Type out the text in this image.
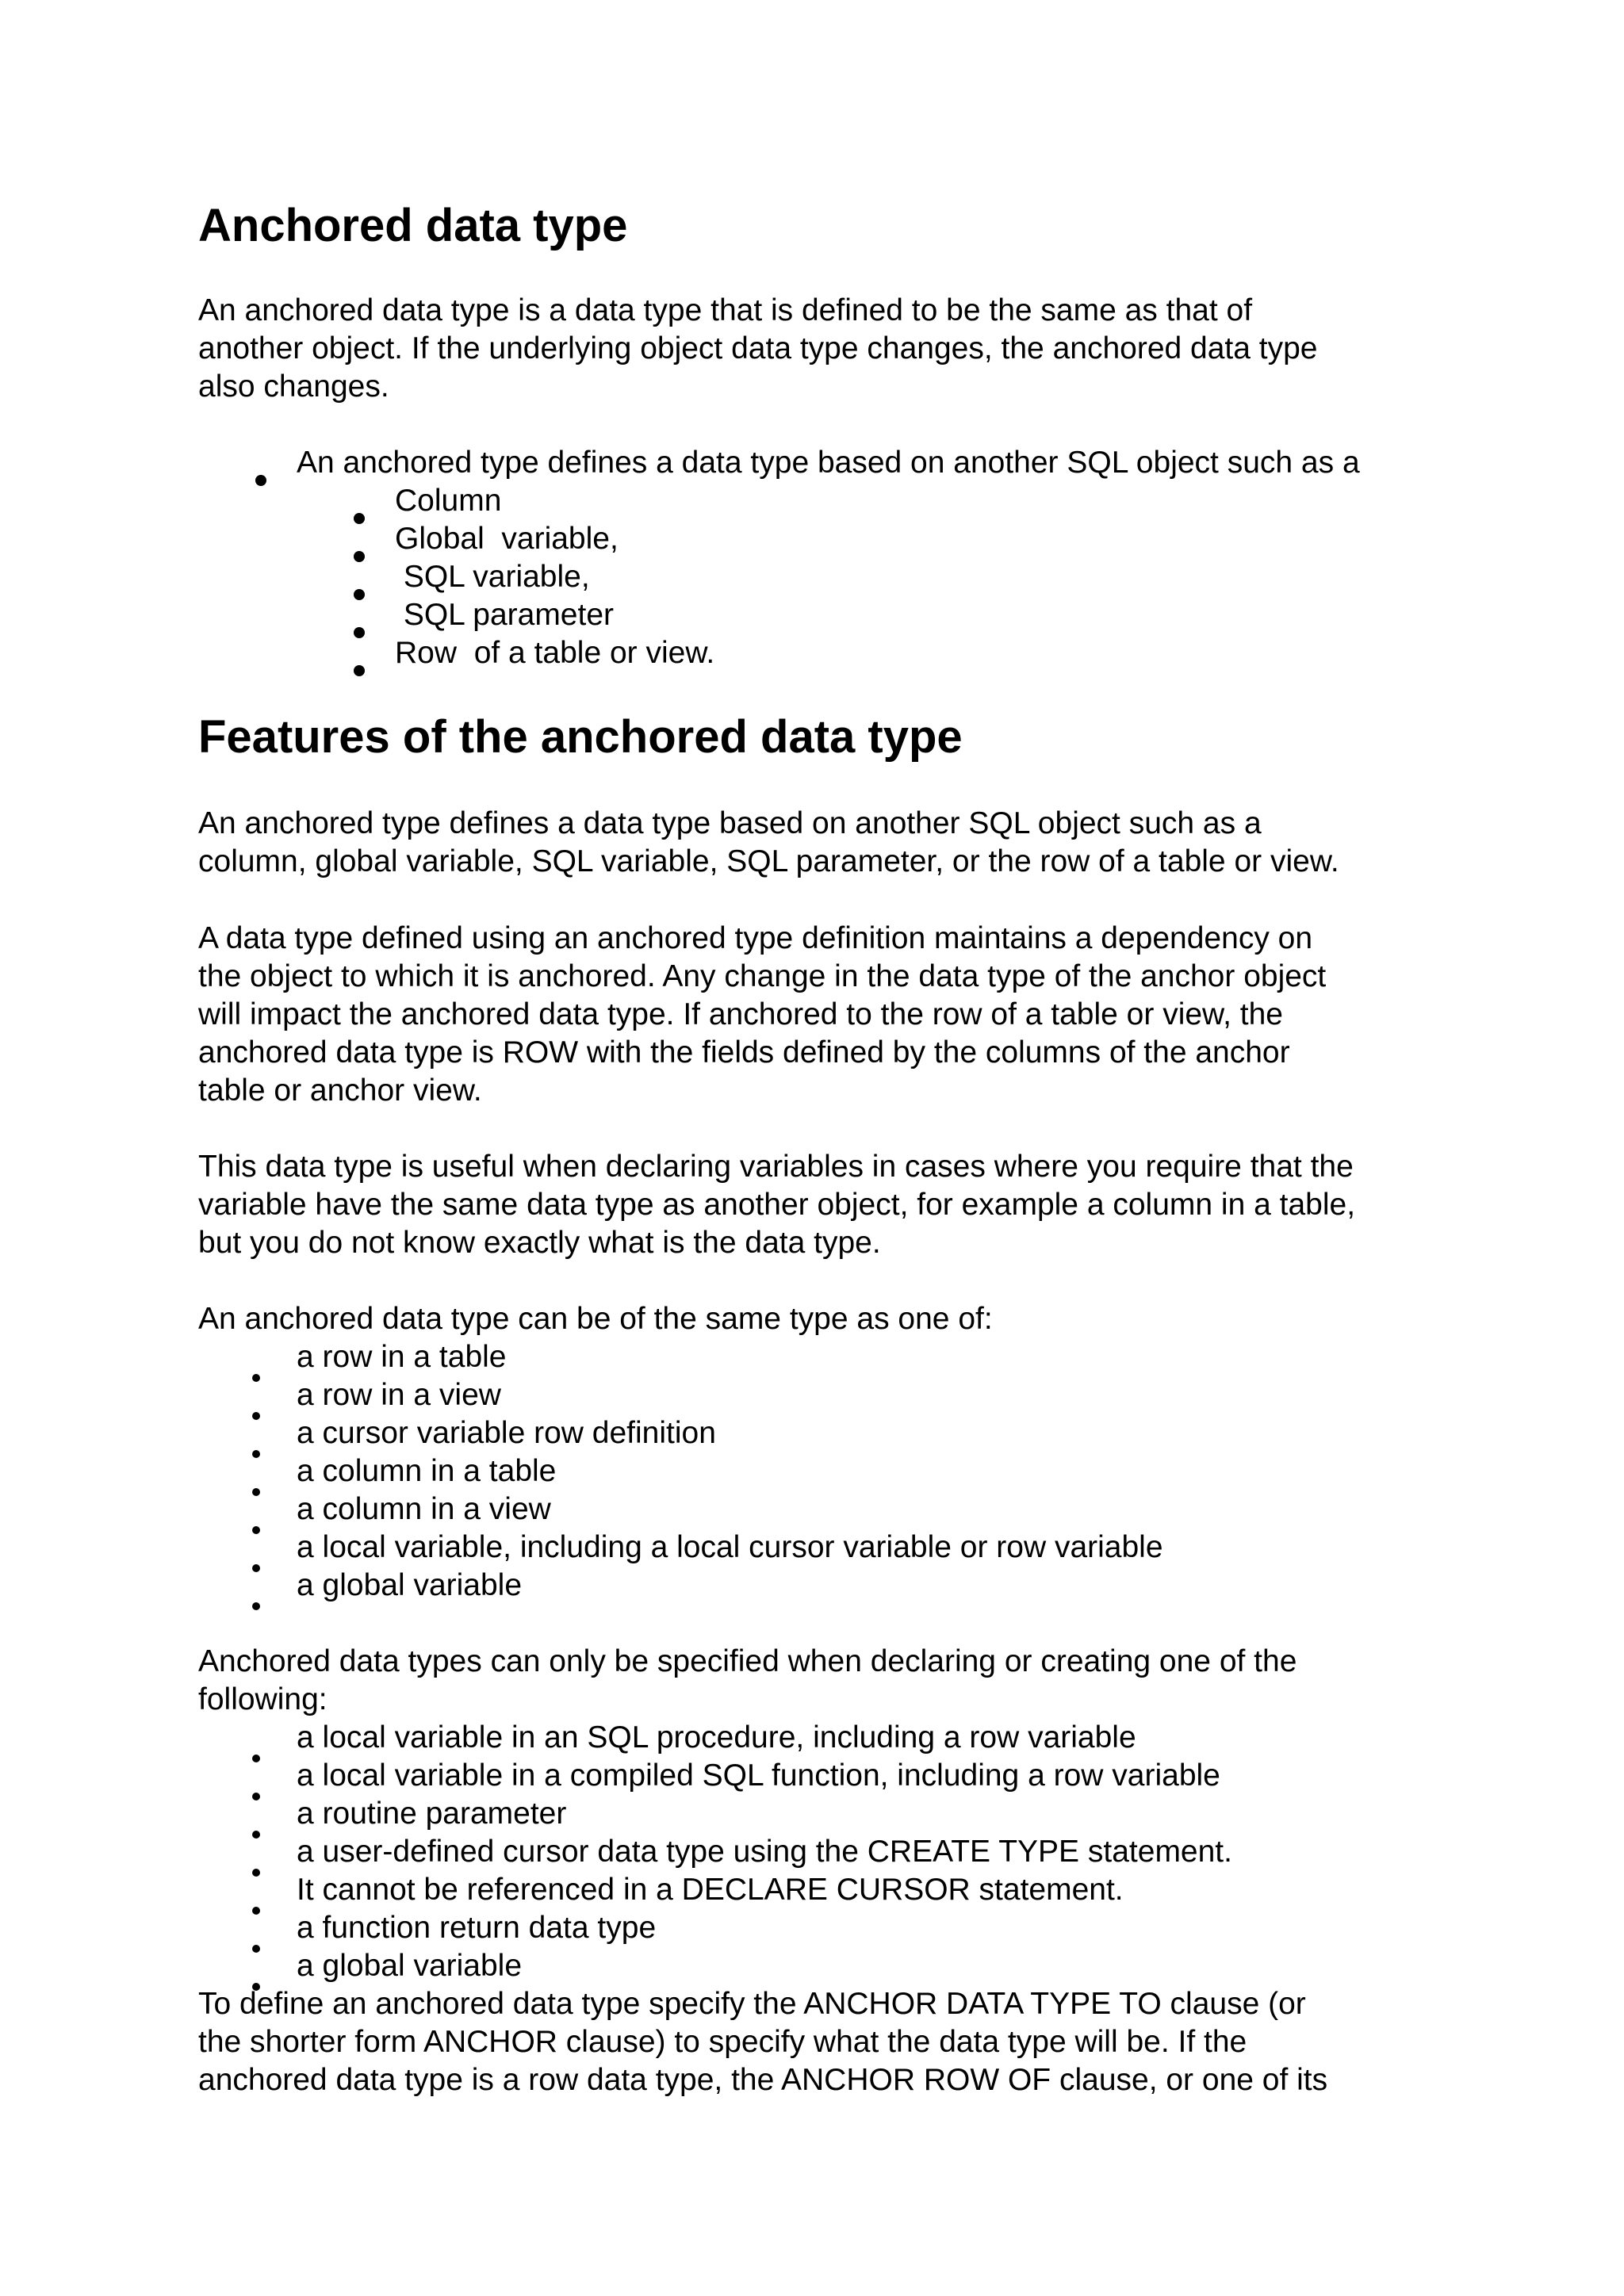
Anchored data type
An anchored data type is a data type that is defined to be the same as that of
another object. If the underlying object data type changes, the anchored data type
also changes.
An anchored type defines a data type based on another SQL object such as a
Column
Global  variable,
SQL variable,
SQL parameter
Row  of a table or view.
Features of the anchored data type
An anchored type defines a data type based on another SQL object such as a
column, global variable, SQL variable, SQL parameter, or the row of a table or view.
A data type defined using an anchored type definition maintains a dependency on
the object to which it is anchored. Any change in the data type of the anchor object
will impact the anchored data type. If anchored to the row of a table or view, the
anchored data type is ROW with the fields defined by the columns of the anchor
table or anchor view.
This data type is useful when declaring variables in cases where you require that the
variable have the same data type as another object, for example a column in a table,
but you do not know exactly what is the data type.
An anchored data type can be of the same type as one of:
a row in a table
a row in a view
a cursor variable row definition
a column in a table
a column in a view
a local variable, including a local cursor variable or row variable
a global variable
Anchored data types can only be specified when declaring or creating one of the
following:
a local variable in an SQL procedure, including a row variable
a local variable in a compiled SQL function, including a row variable
a routine parameter
a user-defined cursor data type using the CREATE TYPE statement.
It cannot be referenced in a DECLARE CURSOR statement.
a function return data type
a global variable
To define an anchored data type specify the ANCHOR DATA TYPE TO clause (or
the shorter form ANCHOR clause) to specify what the data type will be. If the
anchored data type is a row data type, the ANCHOR ROW OF clause, or one of its
